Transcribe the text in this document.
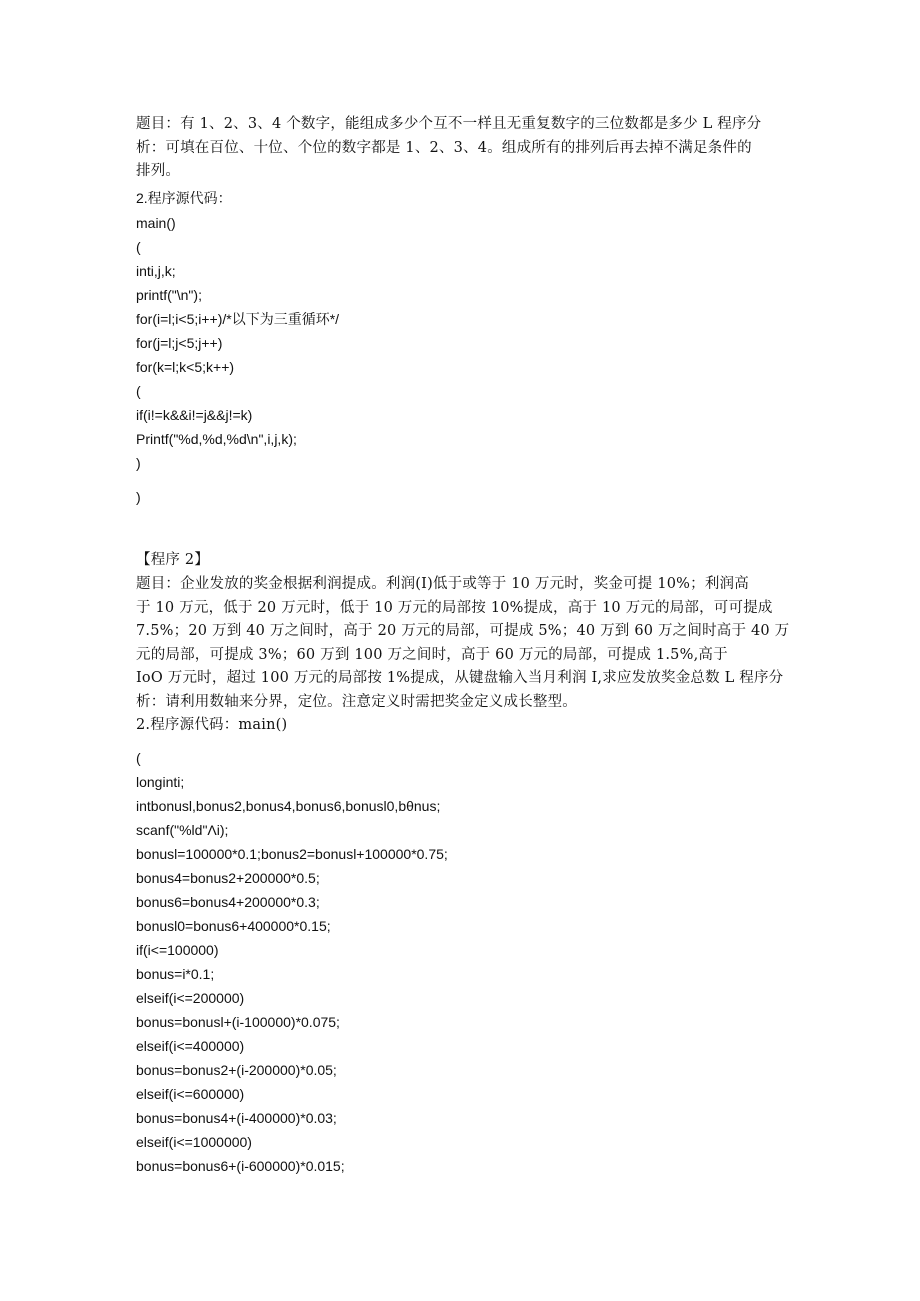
题目：有 1、2、3、4 个数字，能组成多少个互不一样且无重复数字的三位数都是多少 L 程序分
析：可填在百位、十位、个位的数字都是 1、2、3、4。组成所有的排列后再去掉不满足条件的
排列。
2.程序源代码：
main()
(
inti,j,k;
printf("\n");
for(i=l;i<5;i++)/*以下为三重循环*/
for(j=l;j<5;j++)
for(k=l;k<5;k++)
(
if(i!=k&&i!=j&&j!=k)
Printf("%d,%d,%d\n",i,j,k);
)
)
【程序 2】
题目：企业发放的奖金根据利润提成。利润(I)低于或等于 10 万元时，奖金可提 10%；利润高
于 10 万元，低于 20 万元时，低于 10 万元的局部按 10%提成，高于 10 万元的局部，可可提成
7.5%；20 万到 40 万之间时，高于 20 万元的局部，可提成 5%；40 万到 60 万之间时高于 40 万
元的局部，可提成 3%；60 万到 100 万之间时，高于 60 万元的局部，可提成 1.5%,高于
IoO 万元时，超过 100 万元的局部按 1%提成，从键盘输入当月利润 I,求应发放奖金总数 L 程序分
析：请利用数轴来分界，定位。注意定义时需把奖金定义成长整型。
2.程序源代码：main()
(
longinti;
intbonusl,bonus2,bonus4,bonus6,bonusl0,bθnus;
scanf("%ld"Λi);
bonusl=100000*0.1;bonus2=bonusl+100000*0.75;
bonus4=bonus2+200000*0.5;
bonus6=bonus4+200000*0.3;
bonusl0=bonus6+400000*0.15;
if(i<=100000)
bonus=i*0.1;
elseif(i<=200000)
bonus=bonusl+(i-100000)*0.075;
elseif(i<=400000)
bonus=bonus2+(i-200000)*0.05;
elseif(i<=600000)
bonus=bonus4+(i-400000)*0.03;
elseif(i<=1000000)
bonus=bonus6+(i-600000)*0.015;
